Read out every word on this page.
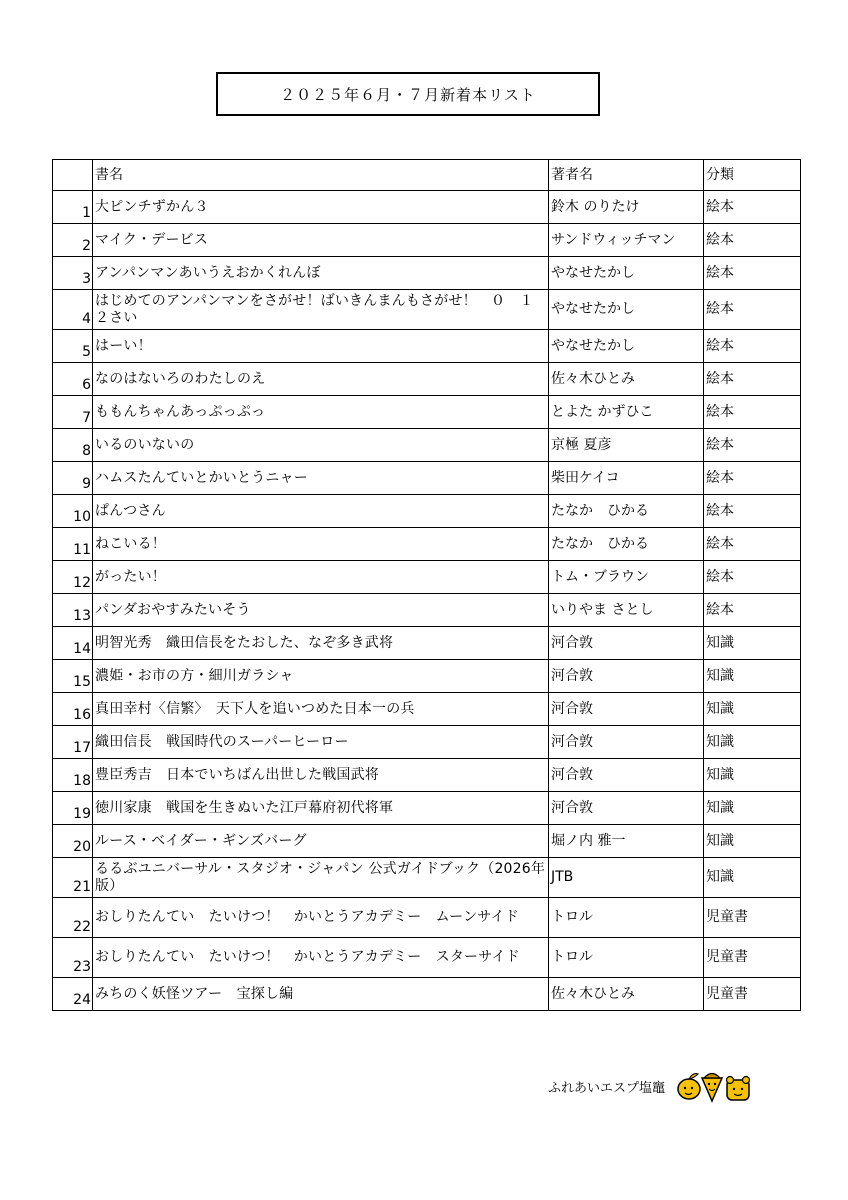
２０２５年６月・７月新着本リスト
	書名	著者名	分類
1	大ピンチずかん３	鈴木 のりたけ	絵本
2	マイク・デービス	サンドウィッチマン	絵本
3	アンパンマンあいうえおかくれんぼ	やなせたかし	絵本
4	はじめてのアンパンマンをさがせ！ばいきんまんもさがせ！　０　１２さい	やなせたかし	絵本
5	はーい！	やなせたかし	絵本
6	なのはないろのわたしのえ	佐々木ひとみ	絵本
7	ももんちゃんあっぷっぷっ	とよた かずひこ	絵本
8	いるのいないの	京極 夏彦	絵本
9	ハムスたんていとかいとうニャー	柴田ケイコ	絵本
10	ぱんつさん	たなか　ひかる	絵本
11	ねこいる！	たなか　ひかる	絵本
12	がったい！	トム・ブラウン	絵本
13	パンダおやすみたいそう	いりやま さとし	絵本
14	明智光秀　織田信長をたおした、なぞ多き武将	河合敦	知識
15	濃姫・お市の方・細川ガラシャ	河合敦	知識
16	真田幸村〈信繁〉　天下人を追いつめた日本一の兵	河合敦	知識
17	織田信長　戦国時代のスーパーヒーロー	河合敦	知識
18	豊臣秀吉　日本でいちばん出世した戦国武将	河合敦	知識
19	徳川家康　戦国を生きぬいた江戸幕府初代将軍	河合敦	知識
20	ルース・ベイダー・ギンズバーグ	堀ノ内 雅一	知識
21	るるぶユニバーサル・スタジオ・ジャパン 公式ガイドブック（2026年版）	JTB	知識
22	おしりたんてい　たいけつ！　かいとうアカデミー　ムーンサイド	トロル	児童書
23	おしりたんてい　たいけつ！　かいとうアカデミー　スターサイド	トロル	児童書
24	みちのく妖怪ツアー　宝探し編	佐々木ひとみ	児童書
ふれあいエスプ塩竈
